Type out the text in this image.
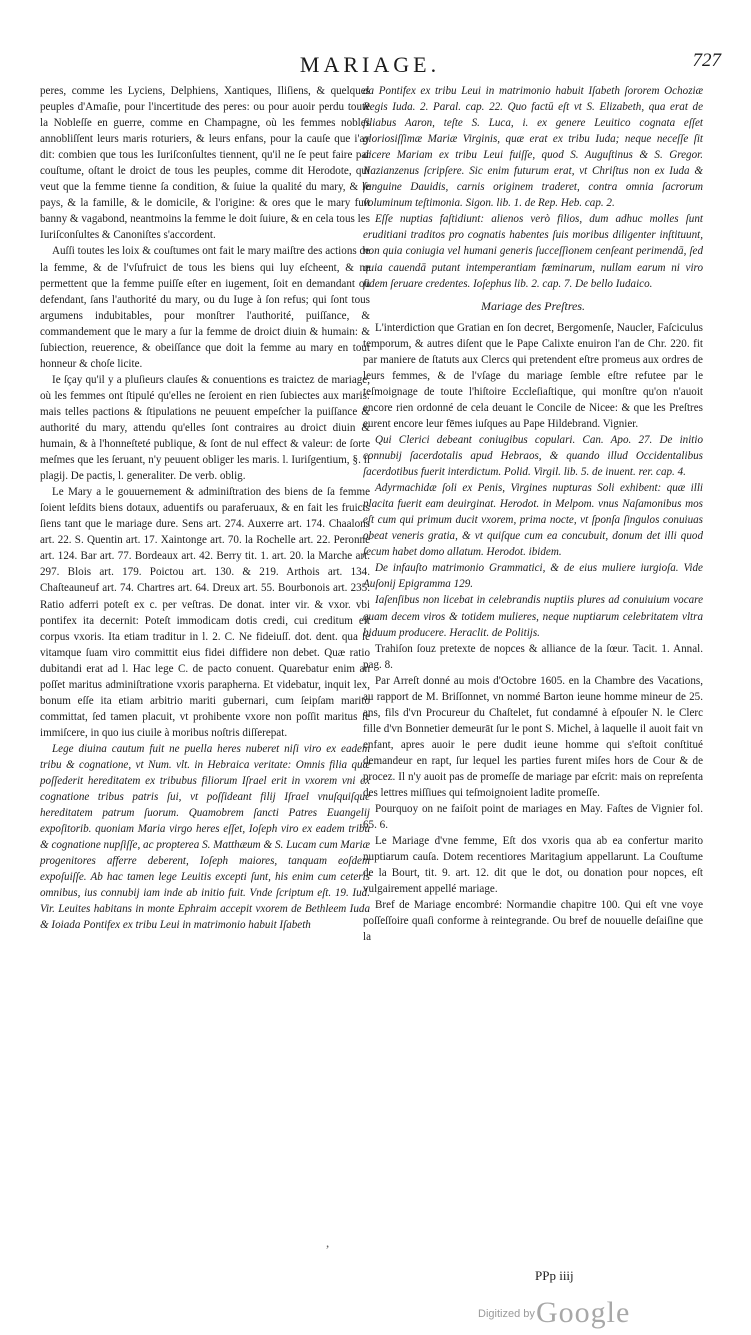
MARIAGE.	727

peres, comme les Lyciens, Delphiens, Xantiques, Iliſiens, & quelques peuples d'Amaſie, pour l'incertitude des peres: ou pour auoir perdu toute la Nobleſſe en guerre, comme en Champagne, où les femmes nobles annobliſſent leurs maris roturiers, & leurs enfans, pour la cauſe que i'ay dit: combien que tous les Iuriſconſultes tiennent, qu'il ne ſe peut faire par couſtume, oſtant le droict de tous les peuples, comme dit Herodote, qui veut que la femme tienne ſa condition, & ſuiue la qualité du mary, & le pays, & la famille, & le domicile, & l'origine: & ores que le mary fuſt banny & vagabond, neantmoins la femme le doit ſuiure, & en cela tous les Iuriſconſultes & Canoniſtes s'accordent.

Auſſi toutes les loix & couſtumes ont fait le mary maiſtre des actions de la femme, & de l'vſufruict de tous les biens qui luy eſcheent, & ne permettent que la femme puiſſe eſter en iugement, ſoit en demandant ou defendant, ſans l'authorité du mary, ou du Iuge à ſon refus; qui ſont tous argumens indubitables, pour monſtrer l'authorité, puiſſance, & commandement que le mary a ſur la femme de droict diuin & humain: & ſubiection, reuerence, & obeiſſance que doit la femme au mary en tout honneur & choſe licite.

Ie ſçay qu'il y a pluſieurs clauſes & conuentions es traictez de mariage, où les femmes ont ſtipulé qu'elles ne ſeroient en rien ſubiectes aux maris: mais telles pactions & ſtipulations ne peuuent empeſcher la puiſſance & authorité du mary, attendu qu'elles ſont contraires au droict diuin & humain, & à l'honneſteté publique, & ſont de nul effect & valeur: de ſorte meſmes que les ſeruant, n'y peuuent obliger les maris. l. Iuriſgentium, §. ſi plagij. De pactis, l. generaliter. De verb. oblig.

Le Mary a le gouuernement & adminiſtration des biens de ſa femme ſoient leſdits biens dotaux, aduentifs ou paraferuaux, & en fait les fruicts ſiens tant que le mariage dure. Sens art. 274. Auxerre art. 174. Chaalons art. 22. S. Quentin art. 17. Xaintonge art. 70. la Rochelle art. 22. Peronne art. 124. Bar art. 77. Bordeaux art. 42. Berry tit. 1. art. 20. la Marche art. 297. Blois art. 179. Poictou art. 130. & 219. Arthois art. 134. Chaſteauneuf art. 74. Chartres art. 64. Dreux art. 55. Bourbonois art. 235. Ratio adferri poteſt ex c. per veſtras. De donat. inter vir. & vxor. vbi pontifex ita decernit: Poteſt immodicam dotis credi, cui creditum eſt corpus vxoris. Ita etiam traditur in l. 2. C. Ne fideiuſſ. dot. dent. qua ſe vitamque ſuam viro committit eius fidei diffidere non debet. Quæ ratio dubitandi erat ad l. Hac lege C. de pacto conuent. Quarebatur enim an poſſet maritus adminiſtratione vxoris parapherna. Et videbatur, inquit lex, bonum eſſe ita etiam arbitrio mariti gubernari, cum ſeipſam marito committat, ſed tamen placuit, vt prohibente vxore non poſſit maritus ſe immiſcere, in quo ius ciuile à moribus noſtris diſſerepat.

Lege diuina cautum fuit ne puella heres nuberet niſi viro ex eadem tribu & cognatione, vt Num. vlt. in Hebraica veritate: Omnis filia quæ poſſederit hereditatem ex tribubus filiorum Iſrael erit in vxorem vni ex cognatione tribus patris ſui, vt poſſideant filij Iſrael vnuſquiſque hereditatem patrum ſuorum. Quamobrem ſancti Patres Euangelij expoſitorib. quoniam Maria virgo heres eſſet, Ioſeph viro ex eadem tribu & cognatione nupſiſſe, ac propterea S. Matthæum & S. Lucam cum Mariæ progenitores afferre deberent, Ioſeph maiores, tanquam eoſdem expoſuiſſe. Ab hac tamen lege Leuitis excepti ſunt, his enim cum ceteris omnibus, ius connubij iam inde ab initio fuit. Vnde ſcriptum eſt. 19. Iud. Vir. Leuites habitans in monte Ephraim accepit vxorem de Bethleem Iuda & Ioiada Pontifex ex tribu Leui in matrimonio habuit Iſabeth

da Pontifex ex tribu Leui in matrimonio habuit Iſabeth ſororem Ochoziæ Regis Iuda. 2. Paral. cap. 22. Quo factū eſt vt S. Elizabeth, qua erat de filiabus Aaron, teſte S. Luca, i. ex genere Leuitico cognata eſſet gloriosiſſimæ Mariæ Virginis, quæ erat ex tribu Iuda; neque neceſſe ſit dicere Mariam ex tribu Leui fuiſſe, quod S. Auguſtinus & S. Gregor. Nazianzenus ſcripſere. Sic enim futurum erat, vt Chriſtus non ex Iuda & ſanguine Dauidis, carnis originem traderet, contra omnia ſacrorum voluminum teſtimonia. Sigon. lib. 1. de Rep. Heb. cap. 2.

Eſſe nuptias faſtidiunt: alienos verò filios, dum adhuc molles ſunt eruditiani traditos pro cognatis habentes ſuis moribus diligenter inſtituunt, non quia coniugia vel humani generis ſucceſſionem cenſeant perimendā, ſed quia cauendā putant intemperantiam fœminarum, nullam earum ni viro fidem ſeruare credentes. Ioſephus lib. 2. cap. 7. De bello Iudaico.

Mariage des Preſtres.

L'interdiction que Gratian en ſon decret, Bergomenſe, Naucler, Faſciculus temporum, & autres diſent que le Pape Calixte enuiron l'an de Chr. 220. fit par maniere de ſtatuts aux Clercs qui pretendent eſtre promeus aux ordres de leurs femmes, & de l'vſage du mariage ſemble eſtre refutee par le teſmoignage de toute l'hiſtoire Eccleſiaſtique, qui monſtre qu'on n'auoit encore rien ordonné de cela deuant le Concile de Nicee: & que les Preſtres eurent encore leur fēmes iuſques au Pape Hildebrand. Vignier.

Qui Clerici debeant coniugibus copulari. Can. Apo. 27. De initio connubij ſacerdotalis apud Hebraos, & quando illud Occidentalibus ſacerdotibus fuerit interdictum. Polid. Virgil. lib. 5. de inuent. rer. cap. 4.

Adyrmachidæ ſoli ex Penis, Virgines nupturas Soli exhibent: quæ illi placita fuerit eam deuirginat. Herodot. in Melpom. vnus Naſamonibus mos eſt cum qui primum ducit vxorem, prima nocte, vt ſponſa ſingulos conuiuas obeat veneris gratia, & vt quiſque cum ea concubuit, donum det illi quod ſecum habet domo allatum. Herodot. ibidem.

De infauſto matrimonio Grammatici, & de eius muliere iurgioſa. Vide Auſonij Epigramma 129.

Iaſenſibus non licebat in celebrandis nuptiis plures ad conuiuium vocare quam decem viros & totidem mulieres, neque nuptiarum celebritatem vltra biduum producere. Heraclit. de Politijs.

Trahiſon ſouz pretexte de nopces & alliance de la ſœur. Tacit. 1. Annal. pag. 8.

Par Arreſt donné au mois d'Octobre 1605. en la Chambre des Vacations, au rapport de M. Briſſonnet, vn nommé Barton ieune homme mineur de 25. ans, fils d'vn Procureur du Chaſtelet, fut condamné à eſpouſer N. le Clerc fille d'vn Bonnetier demeurāt ſur le pont S. Michel, à laquelle il auoit fait vn enfant, apres auoir le pere dudit ieune homme qui s'eſtoit conſtitué demandeur en rapt, ſur lequel les parties furent miſes hors de Cour & de procez. Il n'y auoit pas de promeſſe de mariage par eſcrit: mais on repreſenta des lettres miſſiues qui teſmoignoient ladite promeſſe.

Pourquoy on ne faiſoit point de mariages en May. Faſtes de Vignier fol. 65. 6.

Le Mariage d'vne femme, Eſt dos vxoris qua ab ea confertur marito nuptiarum cauſa. Dotem recentiores Maritagium appellarunt. La Couſtume de la Bourt, tit. 9. art. 12. dit que le dot, ou donation pour nopces, eſt vulgairement appellé mariage.

Bref de Mariage encombré: Normandie chapitre 100. Qui eſt vne voye poſſeſſoire quaſi conforme à reintegrande. Ou bref de nouuelle deſaiſine que la

,
PPp iiij
Digitized by Google
